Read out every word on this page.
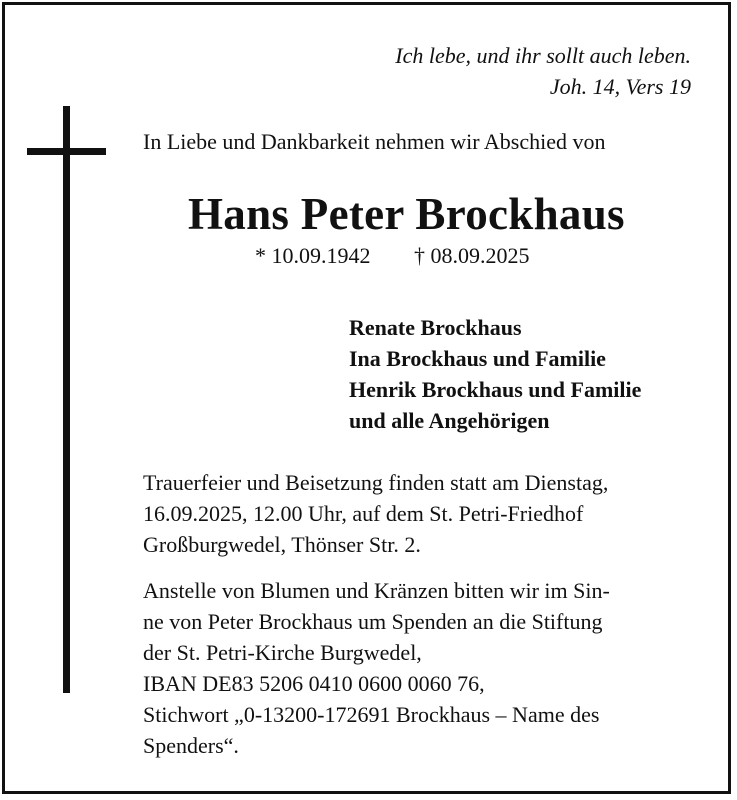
Ich lebe, und ihr sollt auch leben.
Joh. 14, Vers 19
In Liebe und Dankbarkeit nehmen wir Abschied von
Hans Peter Brockhaus
* 10.09.1942 † 08.09.2025
Renate Brockhaus
Ina Brockhaus und Familie
Henrik Brockhaus und Familie
und alle Angehörigen
Trauerfeier und Beisetzung finden statt am Dienstag,
16.09.2025, 12.00 Uhr, auf dem St. Petri-Friedhof
Großburgwedel, Thönser Str. 2.
Anstelle von Blumen und Kränzen bitten wir im Sin-
ne von Peter Brockhaus um Spenden an die Stiftung
der St. Petri-Kirche Burgwedel,
IBAN DE83 5206 0410 0600 0060 76,
Stichwort „0-13200-172691 Brockhaus – Name des
Spenders“.
